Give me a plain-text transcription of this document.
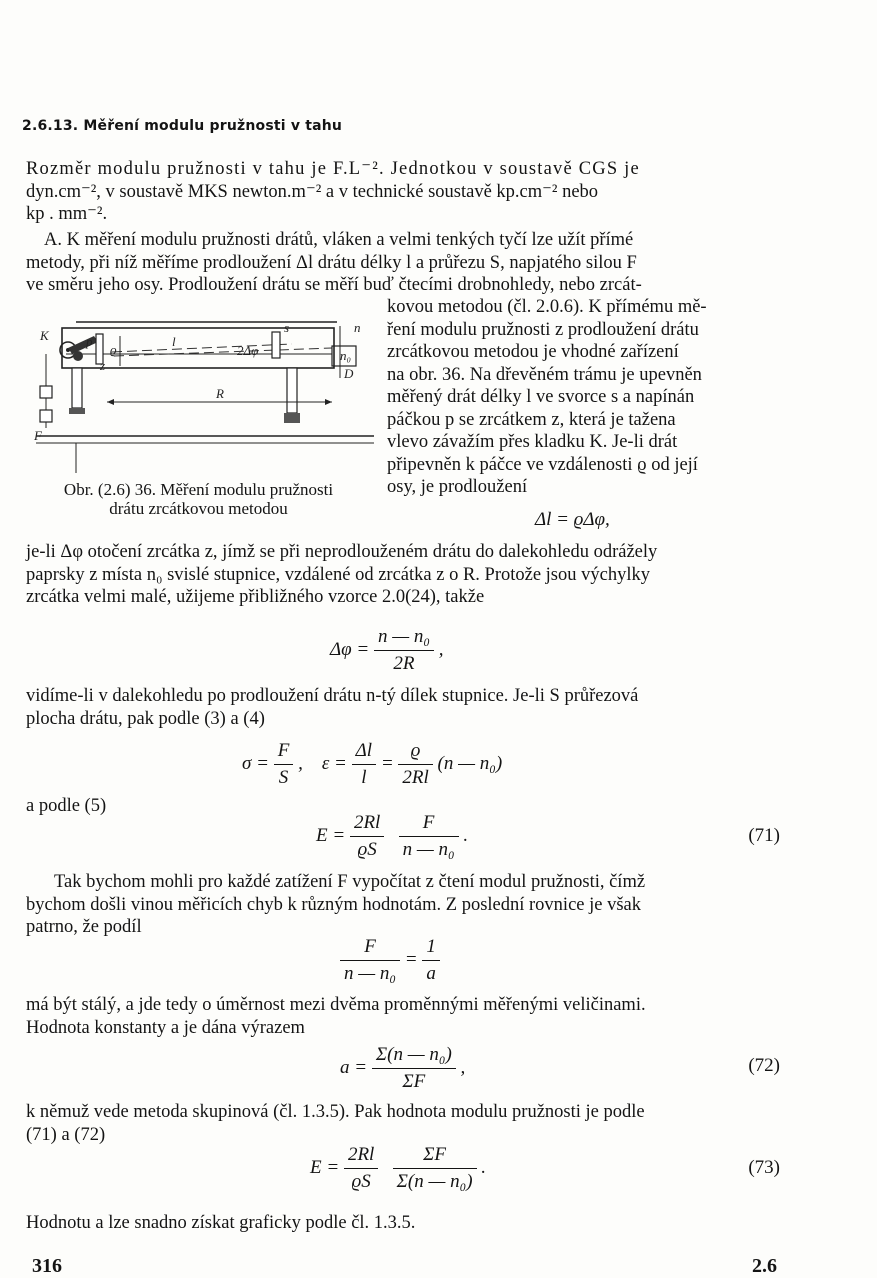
2.6.13. Měření modulu pružnosti v tahu
Rozměr modulu pružnosti v tahu je F.L⁻². Jednotkou v soustavě CGS je
dyn.cm⁻², v soustavě MKS newton.m⁻² a v technické soustavě kp.cm⁻² nebo
kp . mm⁻².
A. K měření modulu pružnosti drátů, vláken a velmi tenkých tyčí lze užít přímé
metody, při níž měříme prodloužení Δl drátu délky l a průřezu S, napjatého silou F
ve směru jeho osy. Prodloužení drátu se měří buď čtecími drobnohledy, nebo zrcát-
kovou metodou (čl. 2.0.6). K přímému mě-
ření modulu pružnosti z prodloužení drátu
zrcátkovou metodou je vhodné zařízení
na obr. 36. Na dřevěném trámu je upevněn
měřený drát délky l ve svorce s a napínán
páčkou p se zrcátkem z, která je tažena
vlevo závažím přes kladku K. Je-li drát
připevněn k páčce ve vzdálenosti ϱ od její
osy, je prodloužení
K	p
ϱ
l
2Δφ
s	n
n₀
D
z
R
F
Obr. (2.6) 36. Měření modulu pružnosti
drátu zrcátkovou metodou
Δl = ϱΔφ,
je-li Δφ otočení zrcátka z, jímž se při neprodlouženém drátu do dalekohledu odrážely
paprsky z místa n₀ svislé stupnice, vzdálené od zrcátka z o R. Protože jsou výchylky
zrcátka velmi malé, užijeme přibližného vzorce 2.0(24), takže
$\Delta\varphi = \frac{\text{n — n₀}}{2R}$ ,
vidíme-li v dalekohledu po prodloužení drátu n-tý dílek stupnice. Je-li S průřezová
plocha drátu, pak podle (3) a (4)
$\sigma = \frac{F}{S}$ , $\varepsilon = \frac{\Delta l}{l} = \frac{ϱ}{2Rl} (n$ — n₀)
a podle (5)
$E = \frac{2Rl}{ϱS}$
$\frac{F}{\text{n — n₀}}$ .	(71)
Tak bychom mohli pro každé zatížení F vypočítat z čtení modul pružnosti, čímž
bychom došli vinou měřicích chyb k různým hodnotám. Z poslední rovnice je však
patrno, že podíl
$\frac{F}{\text{n — n₀}} = \frac{1}{a}$
má být stálý, a jde tedy o úměrnost mezi dvěma proměnnými měřenými veličinami.
Hodnota konstanty a je dána výrazem
$a = \frac{\text{Σ(n — n₀)}}{\Sigma F}$ ,	(72)
k němuž vede metoda skupinová (čl. 1.3.5). Pak hodnota modulu pružnosti je podle
(71) a (72)
$E = \frac{2Rl}{ϱS}$
$\frac{\Sigma F}{\text{Σ(n — n₀)}}$ .	(73)
Hodnotu a lze snadno získat graficky podle čl. 1.3.5.
316	2.6
